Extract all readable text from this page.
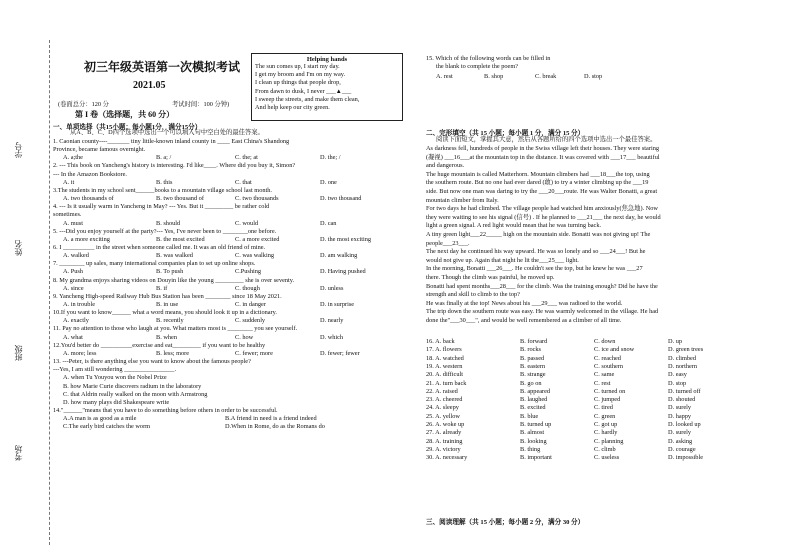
学号
姓名
班级
考场
初三年级英语第一次模拟考试
2021.05
(卷面总分：120 分	考试时间：100 分钟)
第 I 卷（选择题，共 60 分）
Helping hands
The sun comes up, I start my day.
I get my broom and I'm on my way.
I clean up things that people drop,
From dawn to dusk, I never ___▲___
I sweep the streets, and make them clean,
And help keep our city green.
一、单项选择（共15小题；每小题1分，满分15分）
从A、B、C、D四个选项中选出一个可以填入句中空白处的最佳答案。
1. Caonian county----_______ tiny little-known inland county in ____ East China's Shandong
Province, became famous overnight.
A. a;the	B. a; /	C. the; at	D. the; /
2. --- This book on Yancheng's history is interesting. I'd like____. Where did you buy it, Simon?
--- In the Amazon Bookstore.
A. it	B. this	C. that	D. one
3.The students in my school sent______books to a mountain village school last month.
A. two thousands of	B. two thousand of	C. two thousands	D. two thousand
4. --- Is it usually warm in Yancheng in May? --- Yes. But it _________ be rather cold
sometimes.
A. must	B. should	C. would	D. can
5. ---Did you enjoy yourself at the party?--- Yes, I've never been to ________one before.
A. a more exciting	B. the most excited	C. a more excited	D. the most exciting
6. I __________ in the street when someone called me. It was an old friend of mine.
A. walked	B. was walked	C. was walking	D. am walking
7. ________ up sales, many international companies plan to set up online shops.
A. Push	B. To push	C.Pushing	D. Having pushed
8. My grandma enjoys sharing videos on Douyin like the young _________ she is over seventy.
A. since	B. if	C. though	D. unless
9. Yancheng High-speed Railway Hub Bus Station has been ________ since 18 May 2021.
A. in trouble	B. in use	C. in danger	D. in surprise
10.If you want to know______ what a word means, you should look it up in a dictionary.
A. exactly	B. recently	C. suddenly	D. nearly
11. Pay no attention to those who laugh at you. What matters most is ________ you see yourself.
A. what	B. when	C. how	D. which
12.You'd better do __________exercise and eat_________ if you want to be healthy
A. more; less	B. less; more	C. fewer; more	D. fewer; fewer
13. ---Peter, is there anything else you want to know about the famous people?
---Yes, I am still wondering ________________.
A. when Tu Youyou won the Nobel Prize
B. how Marie Curie discovers radium in the laboratory
C. that Aldrin really walked on the moon with Armstrong
D. how many plays did Shakespeare write
14."______"means that you have to do something before others in order to be successful.
A.A man is as good as a mile	B.A friend in need is a friend indeed
C.The early bird catches the worm	D.When in Rome, do as the Romans do
15. Which of the following words can be filled in
the blank to complete the poem?
A. rest	B. shop	C. break	D. stop
二、完形填空（共 15 小题；每小题 1 分，满分 15 分）
阅读下面短文，掌握其大意，然后从各题所给的四个选项中选出一个最佳答案。
As darkness fell, hundreds of people in the Swiss village left their houses. They were staring
(凝视) ___16___at the mountain top in the distance. It was covered with ___17___ beautiful
and dangerous.
The huge mountain is called Matterhorn. Mountain climbers had ___18___the top, using
the southern route. But no one had ever dared (敢) to try a winter climbing up the ___19
side. But now one man was daring to try the ___20___route. He was Walter Bonatti, a great
mountain climber from Italy.
For two days he had climbed. The village people had watched him anxiously(焦急地). Now
they were waiting to see his signal (信号) . If he planned to ___21___ the next day, he would
light a green signal. A red light would mean that he was turning back.
A tiny green light___22_____ high on the mountain side. Bonatti was not giving up! The
people___23___.
The next day he continued his way upward. He was so lonely and so ___24___! But he
would not give up. Again that night he lit the___25___ light.
In the morning, Bonatti ___26___. He couldn't see the top, but he knew he was ___27
there. Though the climb was painful, he moved up.
Bonatti had spent months___28___ for the climb. Was the training enough? Did he have the
strength and skill to climb to the top?
He was finally at the top! News about his ___29___ was radioed to the world.
The trip down the southern route was easy. He was warmly welcomed in the village. He had
done the"___30___", and would be well remembered as a climber of all time.
16. A. back	B. forward	C. down	D. up
17. A. flowers	B. rocks	C. ice and snow	D. green trees
18. A. watched	B. passed	C. reached	D. climbed
19. A. western	B. eastern	C. southern	D. northern
20. A. difficult	B. strange	C. same	D. easy
21. A. turn back	B. go on	C. rest	D. stop
22. A. raised	B. appeared	C. turned on	D. turned off
23. A. cheered	B. laughed	C. jumped	D. shouted
24. A. sleepy	B. excited	C. tired	D. surely
25. A. yellow	B. blue	C. green	D. happy
26. A. woke up	B. turned up	C. got up	D. looked up
27. A. already	B. almost	C. hardly	D. surely
28. A. training	B. looking	C. planning	D. asking
29. A. victory	B. thing	C. climb	D. courage
30. A. necessary	B. important	C. useless	D. impossible
三、阅读理解（共 15 小题；每小题 2 分，满分 30 分）
